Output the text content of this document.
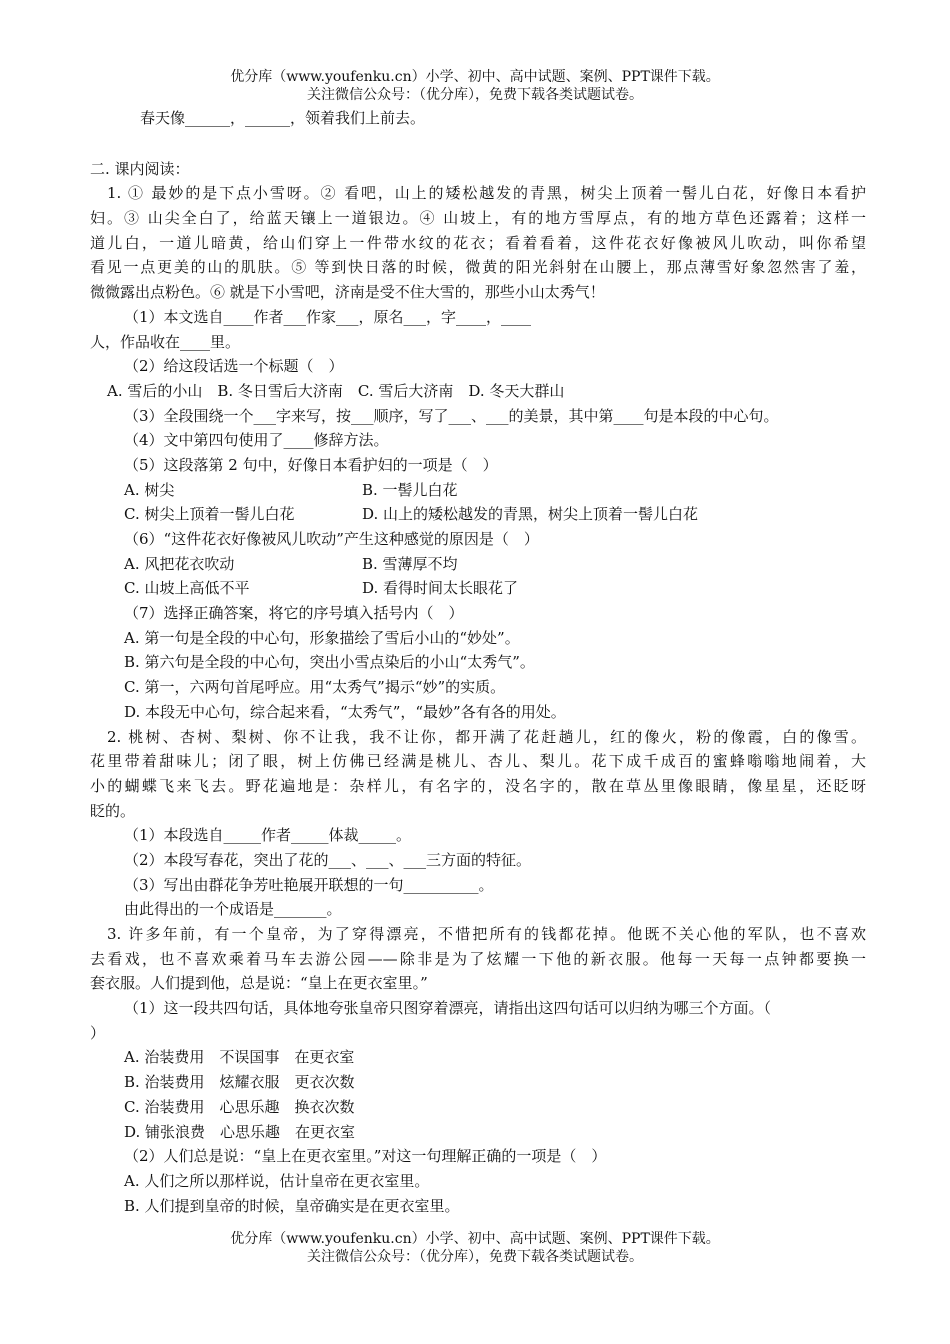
优分库（www.youfenku.cn）小学、初中、高中试题、案例、PPT课件下载。
关注微信公众号：（优分库），免费下载各类试题试卷。
春天像______，______，领着我们上前去。
二. 课内阅读：
1. ① 最妙的是下点小雪呀。② 看吧，山上的矮松越发的青黑，树尖上顶着一髻儿白花，好像日本看护
妇。③ 山尖全白了，给蓝天镶上一道银边。④ 山坡上，有的地方雪厚点，有的地方草色还露着；这样一
道儿白，一道儿暗黄，给山们穿上一件带水纹的花衣；看着看着，这件花衣好像被风儿吹动，叫你希望
看见一点更美的山的肌肤。⑤ 等到快日落的时候，微黄的阳光斜射在山腰上，那点薄雪好象忽然害了羞，
微微露出点粉色。⑥ 就是下小雪吧，济南是受不住大雪的，那些小山太秀气！
（1）本文选自____作者___作家___，原名___，字____，____
人，作品收在____里。
（2）给这段话选一个标题（　）
A. 雪后的小山　B. 冬日雪后大济南　C. 雪后大济南　D. 冬天大群山
（3）全段围绕一个___字来写，按___顺序，写了___、___的美景，其中第____句是本段的中心句。
（4）文中第四句使用了____修辞方法。
（5）这段落第 2 句中，好像日本看护妇的一项是（　）
A. 树尖	B. 一髻儿白花
C. 树尖上顶着一髻儿白花	D. 山上的矮松越发的青黑，树尖上顶着一髻儿白花
（6）“这件花衣好像被风儿吹动”产生这种感觉的原因是（　）
A. 风把花衣吹动	B. 雪薄厚不均
C. 山坡上高低不平	D. 看得时间太长眼花了
（7）选择正确答案，将它的序号填入括号内（　）
A. 第一句是全段的中心句，形象描绘了雪后小山的“妙处”。
B. 第六句是全段的中心句，突出小雪点染后的小山“太秀气”。
C. 第一，六两句首尾呼应。用“太秀气”揭示“妙”的实质。
D. 本段无中心句，综合起来看，“太秀气”，“最妙”各有各的用处。
2. 桃树、杏树、梨树、你不让我，我不让你，都开满了花赶趟儿，红的像火，粉的像霞，白的像雪。
花里带着甜味儿；闭了眼，树上仿佛已经满是桃儿、杏儿、梨儿。花下成千成百的蜜蜂嗡嗡地闹着，大
小的蝴蝶飞来飞去。野花遍地是：杂样儿，有名字的，没名字的，散在草丛里像眼睛，像星星，还眨呀
眨的。
（1）本段选自_____作者_____体裁_____。
（2）本段写春花，突出了花的___、___、___三方面的特征。
（3）写出由群花争芳吐艳展开联想的一句__________。
由此得出的一个成语是_______。
3. 许多年前，有一个皇帝，为了穿得漂亮，不惜把所有的钱都花掉。他既不关心他的军队，也不喜欢
去看戏，也不喜欢乘着马车去游公园——除非是为了炫耀一下他的新衣服。他每一天每一点钟都要换一
套衣服。人们提到他，总是说：“皇上在更衣室里。”
（1）这一段共四句话，具体地夸张皇帝只图穿着漂亮，请指出这四句话可以归纳为哪三个方面。（
）
A. 治装费用　不误国事　在更衣室
B. 治装费用　炫耀衣服　更衣次数
C. 治装费用　心思乐趣　换衣次数
D. 铺张浪费　心思乐趣　在更衣室
（2）人们总是说：“皇上在更衣室里。”对这一句理解正确的一项是（　）
A. 人们之所以那样说，估计皇帝在更衣室里。
B. 人们提到皇帝的时候，皇帝确实是在更衣室里。
优分库（www.youfenku.cn）小学、初中、高中试题、案例、PPT课件下载。
关注微信公众号：（优分库），免费下载各类试题试卷。
